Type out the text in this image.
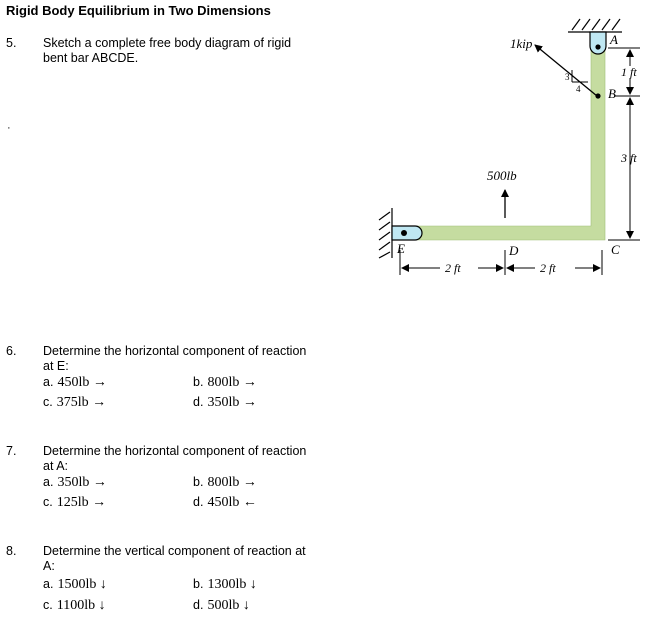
Rigid Body Equilibrium in Two Dimensions
5. Sketch a complete free body diagram of rigid
bent bar ABCDE.
·
6. Determine the horizontal component of reaction
at E:
a. 450lb →	b. 800lb →
c. 375lb →	d. 350lb →
7. Determine the horizontal component of reaction
at A:
a. 350lb →	b. 800lb →
c. 125lb →	d. 450lb ←
8. Determine the vertical component of reaction at
A:
a. 1500lb ↓	b. 1300lb ↓
c. 1100lb ↓	d. 500lb ↓
1kip
3
4
500lb
A
B
C
D
E
1 ft
3 ft
2 ft	2 ft
